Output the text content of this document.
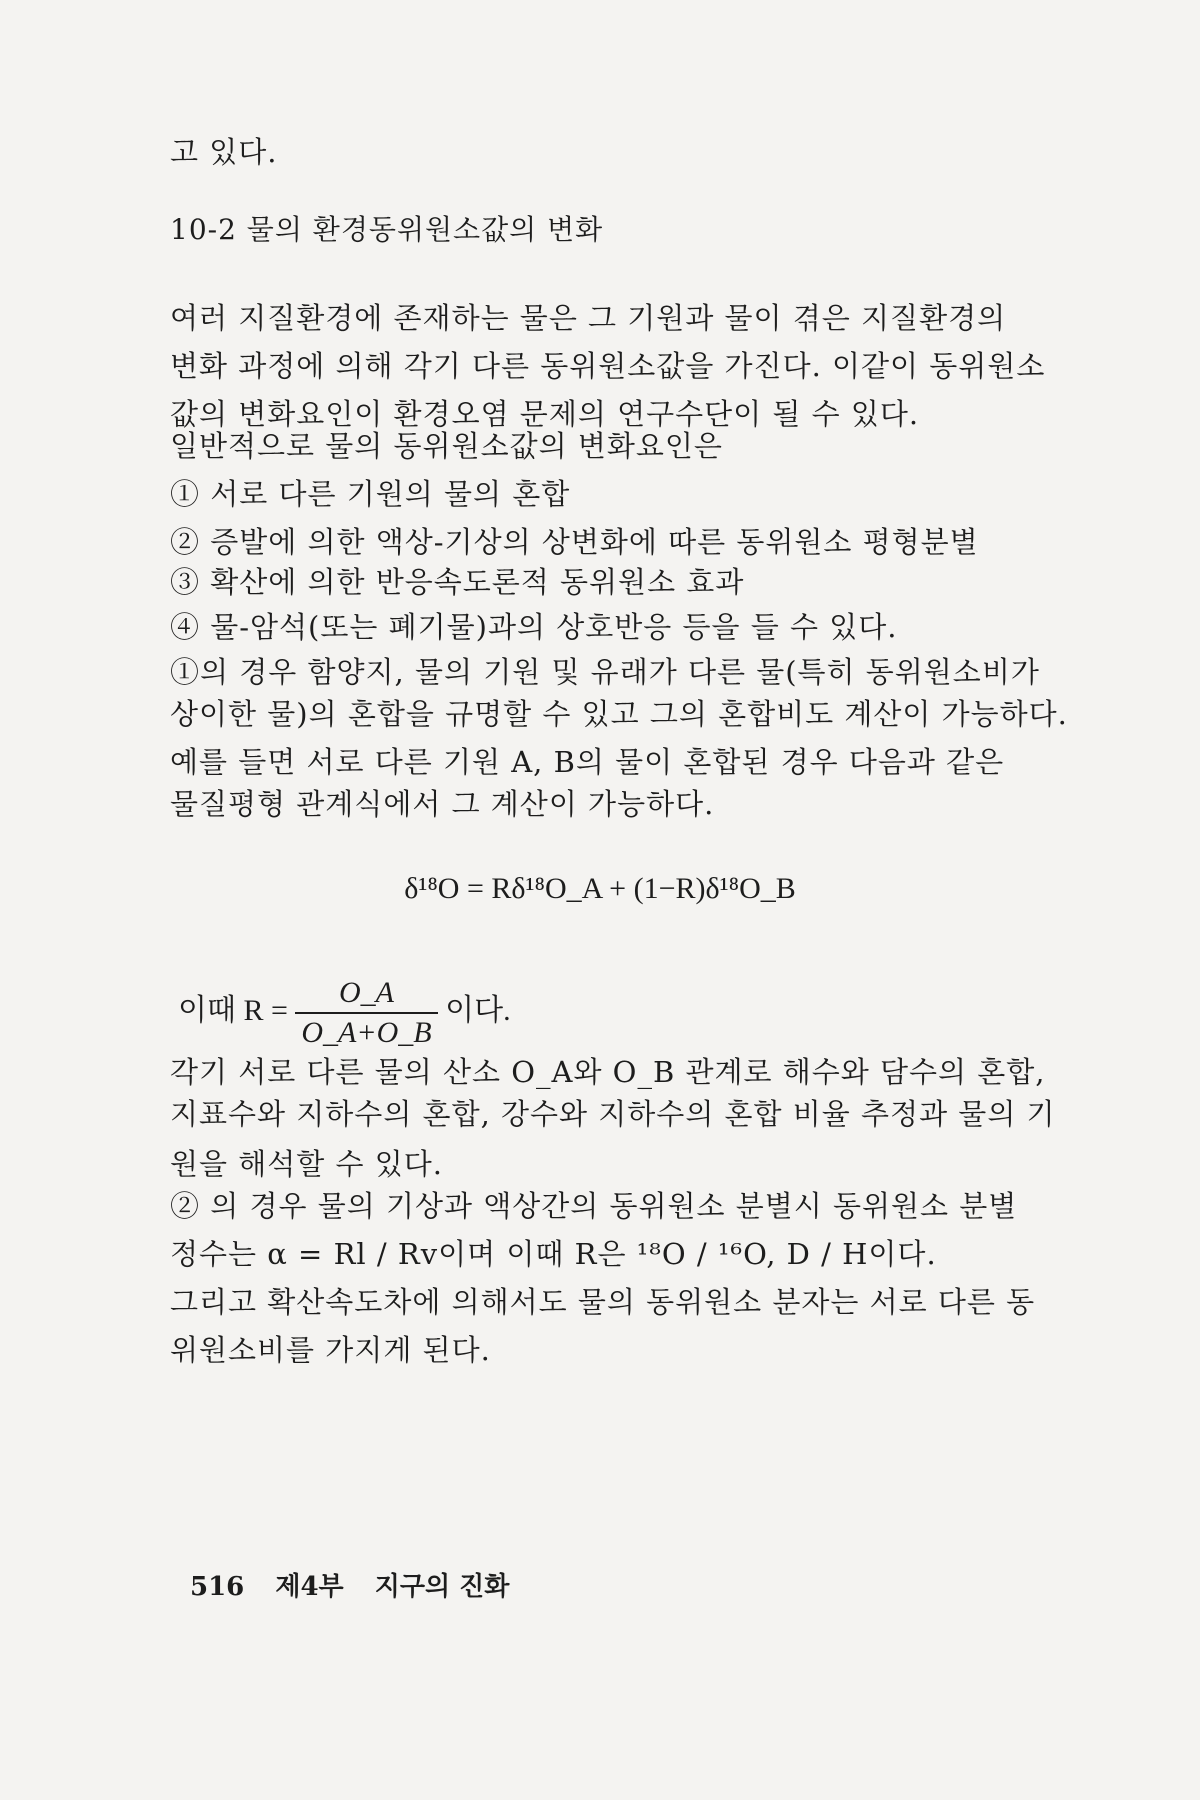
고 있다.
10-2 물의 환경동위원소값의 변화
여러 지질환경에 존재하는 물은 그 기원과 물이 겪은 지질환경의
변화 과정에 의해 각기 다른 동위원소값을 가진다. 이같이 동위원소
값의 변화요인이 환경오염 문제의 연구수단이 될 수 있다.
일반적으로 물의 동위원소값의 변화요인은
① 서로 다른 기원의 물의 혼합
② 증발에 의한 액상-기상의 상변화에 따른 동위원소 평형분별
③ 확산에 의한 반응속도론적 동위원소 효과
④ 물-암석(또는 폐기물)과의 상호반응 등을 들 수 있다.
①의 경우 함양지, 물의 기원 및 유래가 다른 물(특히 동위원소비가
상이한 물)의 혼합을 규명할 수 있고 그의 혼합비도 계산이 가능하다.
예를 들면 서로 다른 기원 A, B의 물이 혼합된 경우 다음과 같은
물질평형 관계식에서 그 계산이 가능하다.
δ¹⁸O = Rδ¹⁸O_A + (1−R)δ¹⁸O_B
이때 $R = \frac{O\_A}{O\_A+O\_B}$ 이다.
각기 서로 다른 물의 산소 O_A와 O_B 관계로 해수와 담수의 혼합,
지표수와 지하수의 혼합, 강수와 지하수의 혼합 비율 추정과 물의 기
원을 해석할 수 있다.
② 의 경우 물의 기상과 액상간의 동위원소 분별시 동위원소 분별
정수는 α = Rl / Rv이며 이때 R은 ¹⁸O / ¹⁶O, D / H이다.
그리고 확산속도차에 의해서도 물의 동위원소 분자는 서로 다른 동
위원소비를 가지게 된다.
516 제4부 지구의 진화
